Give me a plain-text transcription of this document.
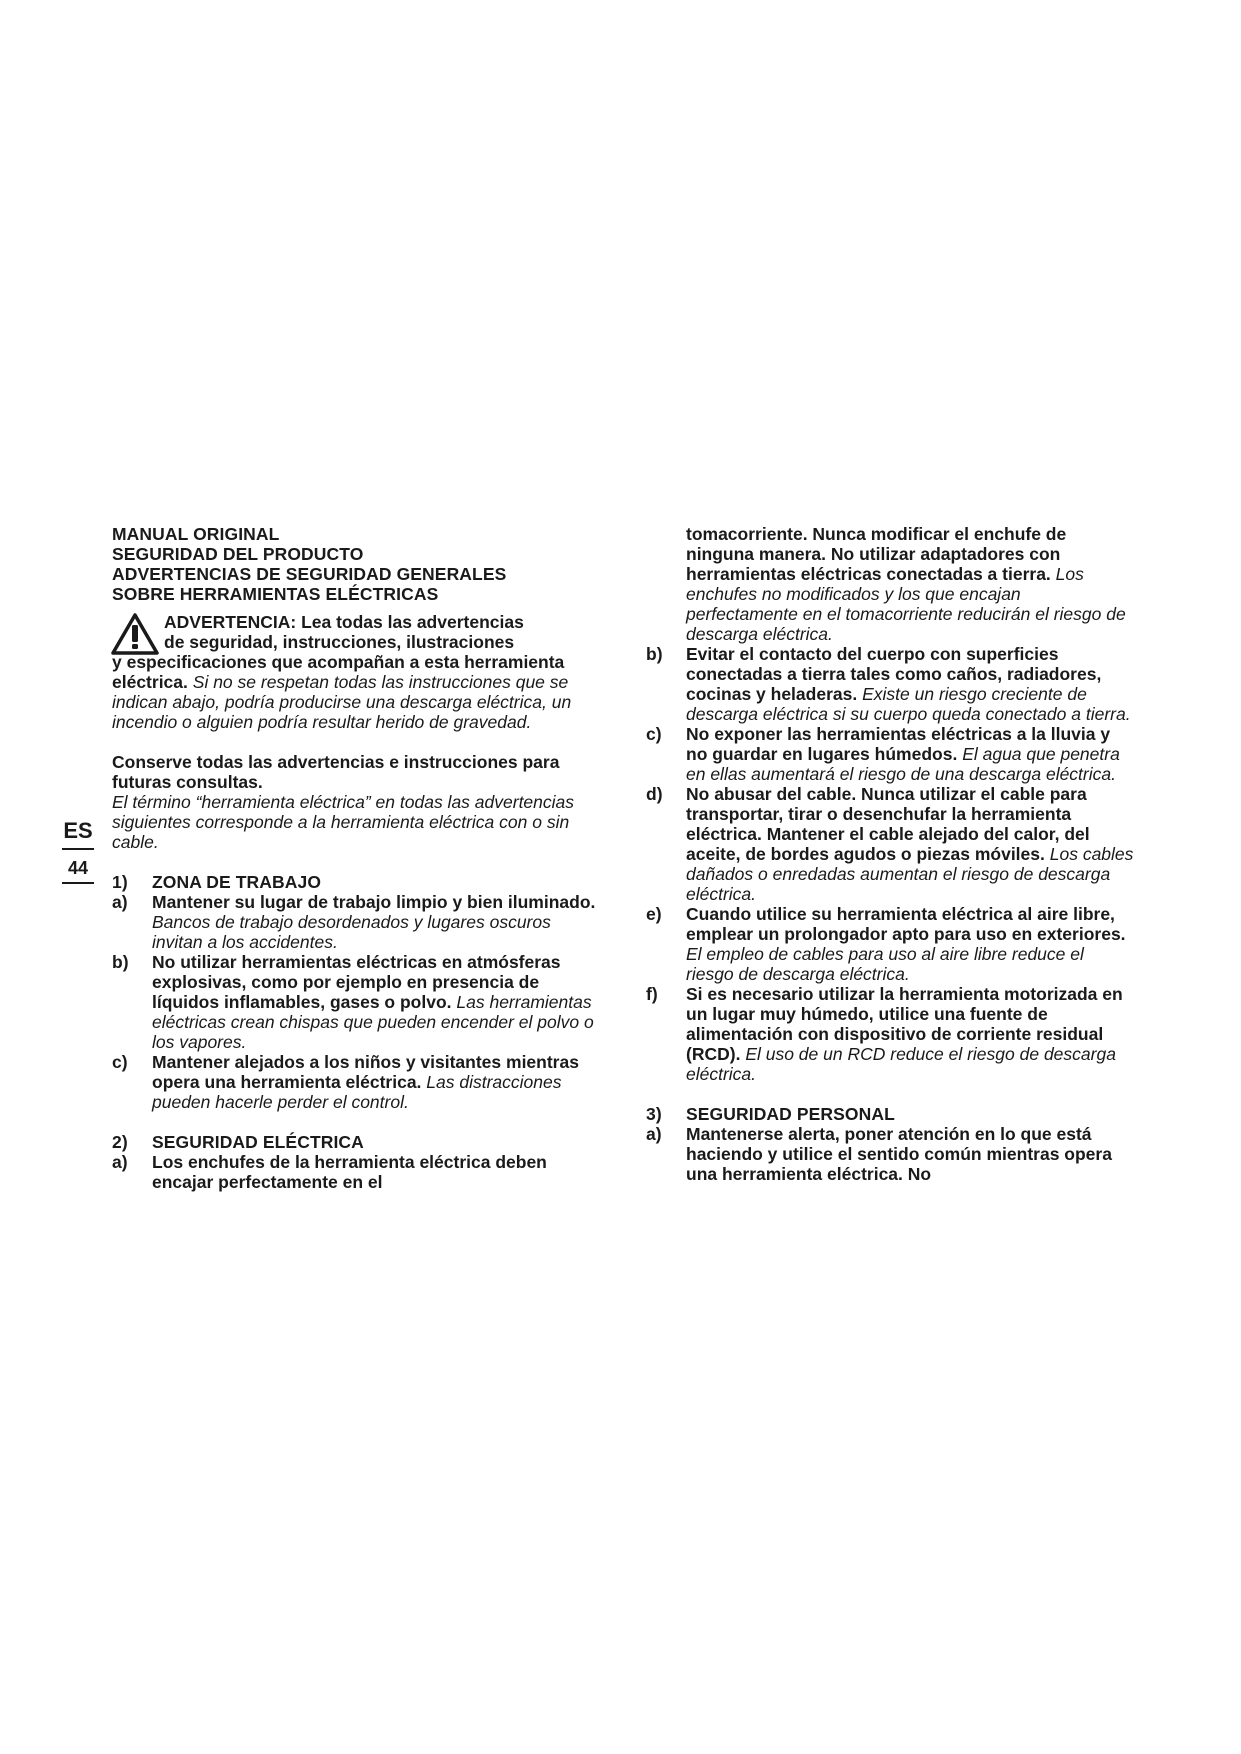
ES
44
MANUAL ORIGINAL
SEGURIDAD DEL PRODUCTO
ADVERTENCIAS DE SEGURIDAD GENERALES
SOBRE HERRAMIENTAS ELÉCTRICAS

ADVERTENCIA: Lea todas las advertencias

de seguridad, instrucciones, ilustraciones

y especificaciones que acompañan a esta herramienta eléctrica. Si no se respetan todas las instrucciones que se indican abajo, podría producirse una descarga eléctrica, un incendio o alguien podría resultar herido de gravedad.

Conserve todas las advertencias e instrucciones para futuras consultas.

El término “herramienta eléctrica” en todas las advertencias siguientes corresponde a la herramienta eléctrica con o sin cable.

1)	ZONA DE TRABAJO
a)	Mantener su lugar de trabajo limpio y bien iluminado. Bancos de trabajo desordenados y lugares oscuros invitan a los accidentes.
b)	No utilizar herramientas eléctricas en atmósferas explosivas, como por ejemplo en presencia de líquidos inflamables, gases o polvo. Las herramientas eléctricas crean chispas que pueden encender el polvo o los vapores.
c)	Mantener alejados a los niños y visitantes mientras opera una herramienta eléctrica. Las distracciones pueden hacerle perder el control.
2)	SEGURIDAD ELÉCTRICA
a)	Los enchufes de la herramienta eléctrica deben encajar perfectamente en el
tomacorriente. Nunca modificar el enchufe de ninguna manera. No utilizar adaptadores con herramientas eléctricas conectadas a tierra. Los enchufes no modificados y los que encajan perfectamente en el tomacorriente reducirán el riesgo de descarga eléctrica.
b)	Evitar el contacto del cuerpo con superficies conectadas a tierra tales como caños, radiadores, cocinas y heladeras. Existe un riesgo creciente de descarga eléctrica si su cuerpo queda conectado a tierra.
c)	No exponer las herramientas eléctricas a la lluvia y no guardar en lugares húmedos. El agua que penetra en ellas aumentará el riesgo de una descarga eléctrica.
d)	No abusar del cable. Nunca utilizar el cable para transportar, tirar o desenchufar la herramienta eléctrica. Mantener el cable alejado del calor, del aceite, de bordes agudos o piezas móviles. Los cables dañados o enredadas aumentan el riesgo de descarga eléctrica.
e)	Cuando utilice su herramienta eléctrica al aire libre, emplear un prolongador apto para uso en exteriores. El empleo de cables para uso al aire libre reduce el riesgo de descarga eléctrica.
f)	Si es necesario utilizar la herramienta motorizada en un lugar muy húmedo, utilice una fuente de alimentación con dispositivo de corriente residual (RCD). El uso de un RCD reduce el riesgo de descarga eléctrica.
3)	SEGURIDAD PERSONAL
a)	Mantenerse alerta, poner atención en lo que está haciendo y utilice el sentido común mientras opera una herramienta eléctrica. No
